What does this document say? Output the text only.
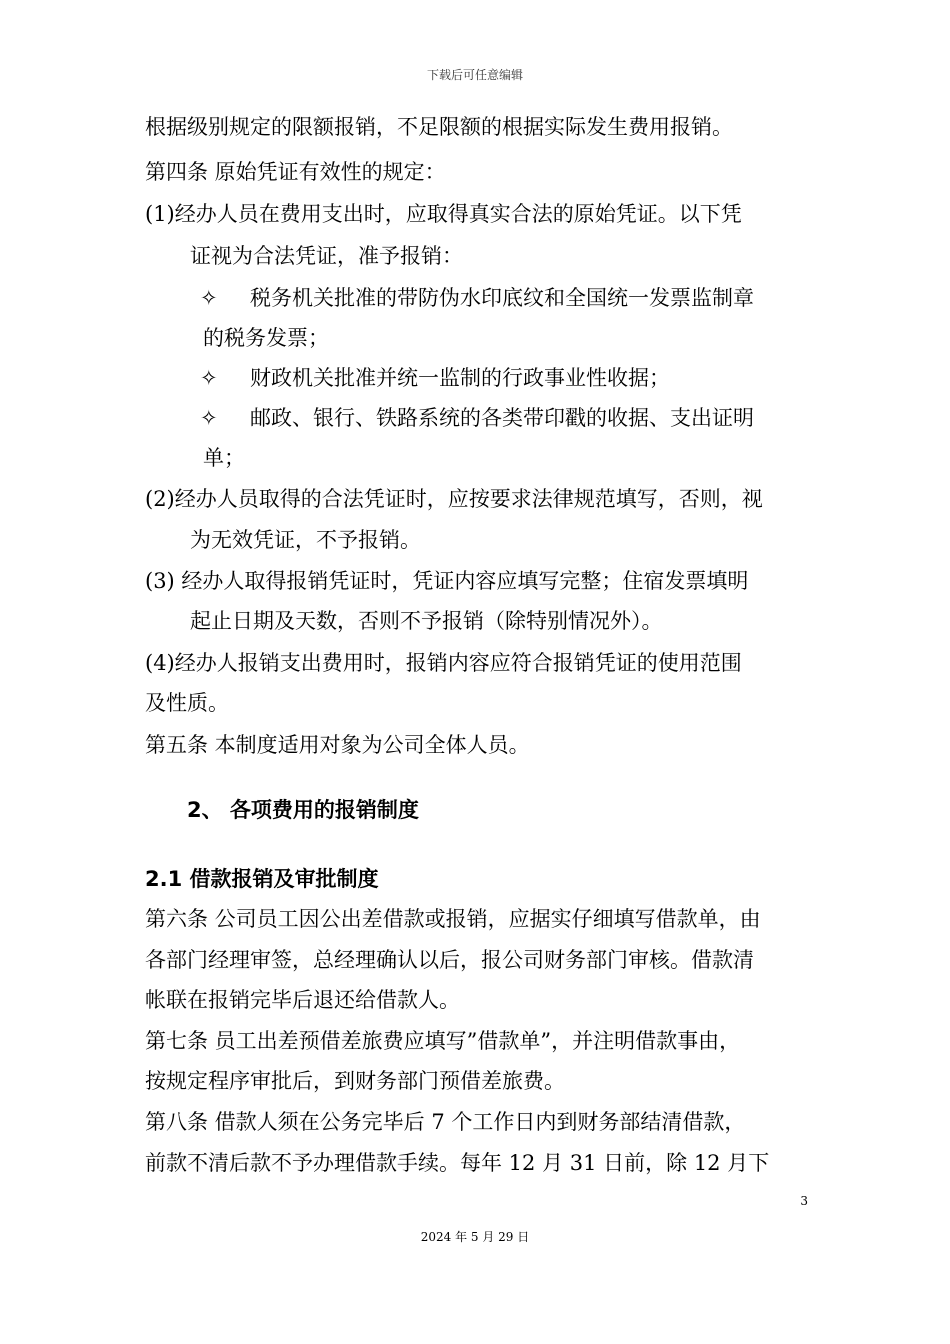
下载后可任意编辑
根据级别规定的限额报销，不足限额的根据实际发生费用报销。
第四条 原始凭证有效性的规定：
(1)经办人员在费用支出时，应取得真实合法的原始凭证。以下凭
证视为合法凭证，准予报销：
✧ 税务机关批准的带防伪水印底纹和全国统一发票监制章
的税务发票；
✧ 财政机关批准并统一监制的行政事业性收据；
✧ 邮政、银行、铁路系统的各类带印戳的收据、支出证明
单；
(2)经办人员取得的合法凭证时，应按要求法律规范填写，否则，视
为无效凭证，不予报销。
(3) 经办人取得报销凭证时，凭证内容应填写完整；住宿发票填明
起止日期及天数，否则不予报销（除特别情况外）。
(4)经办人报销支出费用时，报销内容应符合报销凭证的使用范围
及性质。
第五条 本制度适用对象为公司全体人员。
2、 各项费用的报销制度
2.1 借款报销及审批制度
第六条 公司员工因公出差借款或报销，应据实仔细填写借款单，由
各部门经理审签，总经理确认以后，报公司财务部门审核。借款清
帐联在报销完毕后退还给借款人。
第七条 员工出差预借差旅费应填写”借款单”，并注明借款事由，
按规定程序审批后，到财务部门预借差旅费。
第八条 借款人须在公务完毕后 7 个工作日内到财务部结清借款，
前款不清后款不予办理借款手续。每年 12 月 31 日前，除 12 月下
3
2024 年 5 月 29 日
